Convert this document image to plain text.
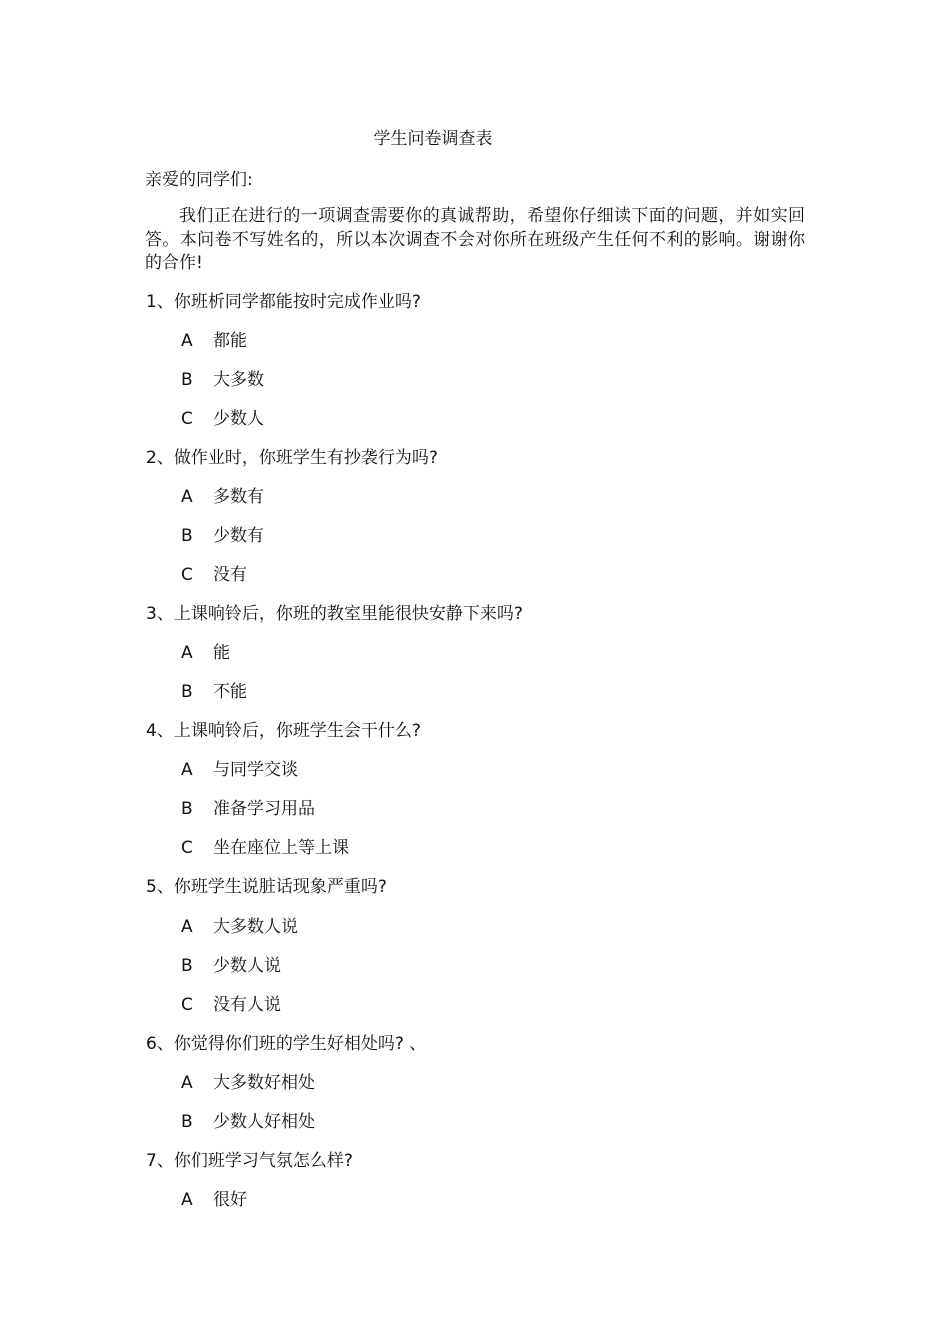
学生问卷调查表
亲爱的同学们:

我们正在进行的一项调查需要你的真诚帮助，希望你仔细读下面的问题，并如实回答。本问卷不写姓名的，所以本次调查不会对你所在班级产生任何不利的影响。谢谢你的合作!

1、你班析同学都能按时完成作业吗?
A 都能
B 大多数
C 少数人
2、做作业时，你班学生有抄袭行为吗?
A 多数有
B 少数有
C 没有
3、上课响铃后，你班的教室里能很快安静下来吗?
A 能
B 不能
4、上课响铃后，你班学生会干什么?
A 与同学交谈
B 准备学习用品
C 坐在座位上等上课
5、你班学生说脏话现象严重吗?
A 大多数人说
B 少数人说
C 没有人说
6、你觉得你们班的学生好相处吗? 、
A 大多数好相处
B 少数人好相处
7、你们班学习气氛怎么样?
A 很好
